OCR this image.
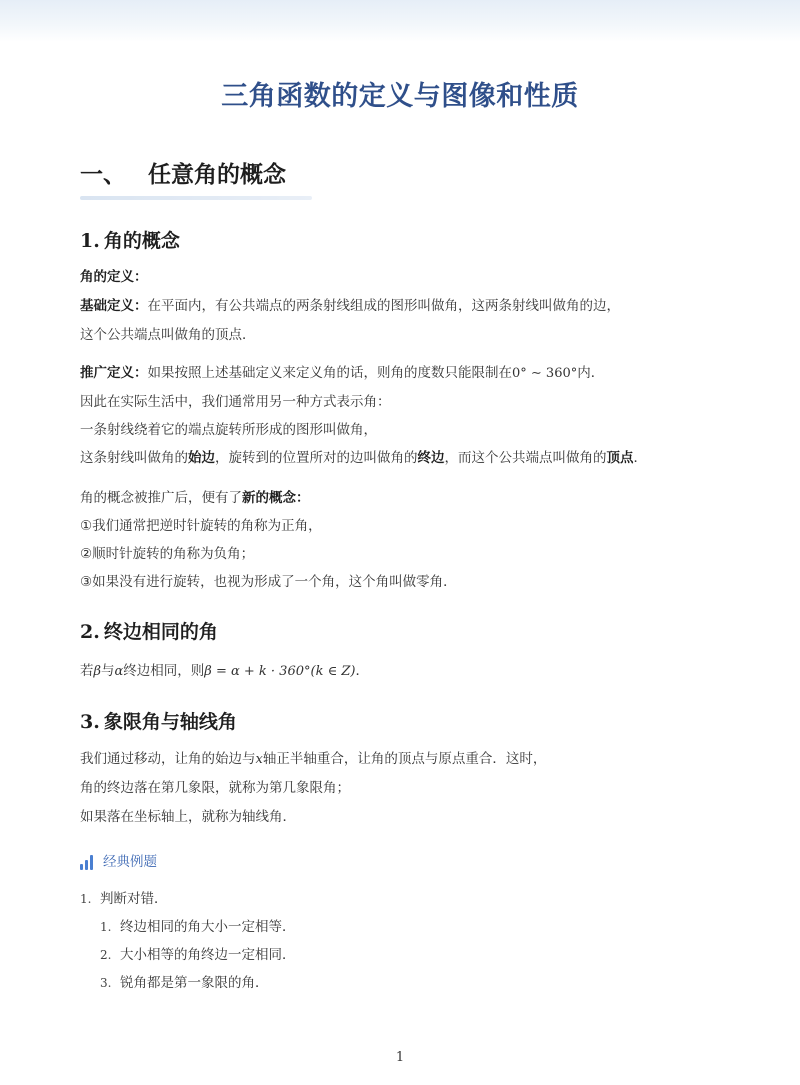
三角函数的定义与图像和性质
一、 任意角的概念
1. 角的概念
角的定义：
基础定义：在平面内，有公共端点的两条射线组成的图形叫做角，这两条射线叫做角的边，
这个公共端点叫做角的顶点．
推广定义：如果按照上述基础定义来定义角的话，则角的度数只能限制在0° ∼ 360°内．
因此在实际生活中，我们通常用另一种方式表示角：
一条射线绕着它的端点旋转所形成的图形叫做角，
这条射线叫做角的始边，旋转到的位置所对的边叫做角的终边，而这个公共端点叫做角的顶点．
角的概念被推广后，便有了新的概念：
①我们通常把逆时针旋转的角称为正角，
②顺时针旋转的角称为负角；
③如果没有进行旋转，也视为形成了一个角，这个角叫做零角．
2. 终边相同的角
若β与α终边相同，则β = α + k · 360°(k ∈ Z)．
3. 象限角与轴线角
我们通过移动，让角的始边与x轴正半轴重合，让角的顶点与原点重合．这时，
角的终边落在第几象限，就称为第几象限角；
如果落在坐标轴上，就称为轴线角．
经典例题
1. 判断对错．
1. 终边相同的角大小一定相等．
2. 大小相等的角终边一定相同．
3. 锐角都是第一象限的角．
1
